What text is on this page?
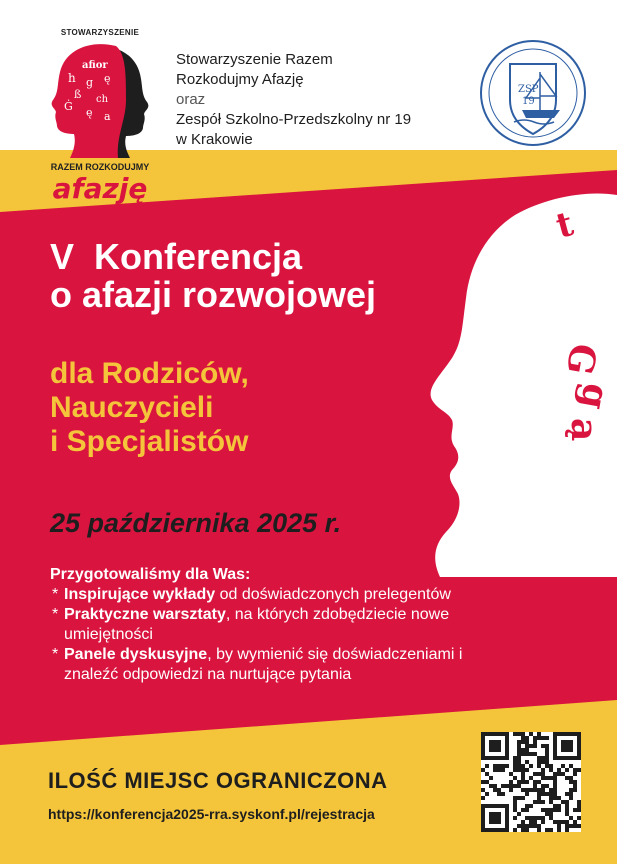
t
G
g
ą
STOWARZYSZENIE
afior
h g ę
ß ch
Ġ ę a
RAZEM ROZKODUJMY
afazję
Stowarzyszenie Razem
Rozkodujmy Afazję
oraz
Zespół Szkolno-Przedszkolny nr 19
w Krakowie
ZSP
19
V  Konferencja
o afazji rozwojowej
dla Rodziców,
Nauczycieli
i Specjalistów
25 października 2025 r.
Przygotowaliśmy dla Was:
* Inspirujące wykłady od doświadczonych prelegentów
* Praktyczne warsztaty, na których zdobędziecie nowe umiejętności
* Panele dyskusyjne, by wymienić się doświadczeniami i znaleźć odpowiedzi na nurtujące pytania
ILOŚĆ MIEJSC OGRANICZONA
https://konferencja2025-rra.syskonf.pl/rejestracja
